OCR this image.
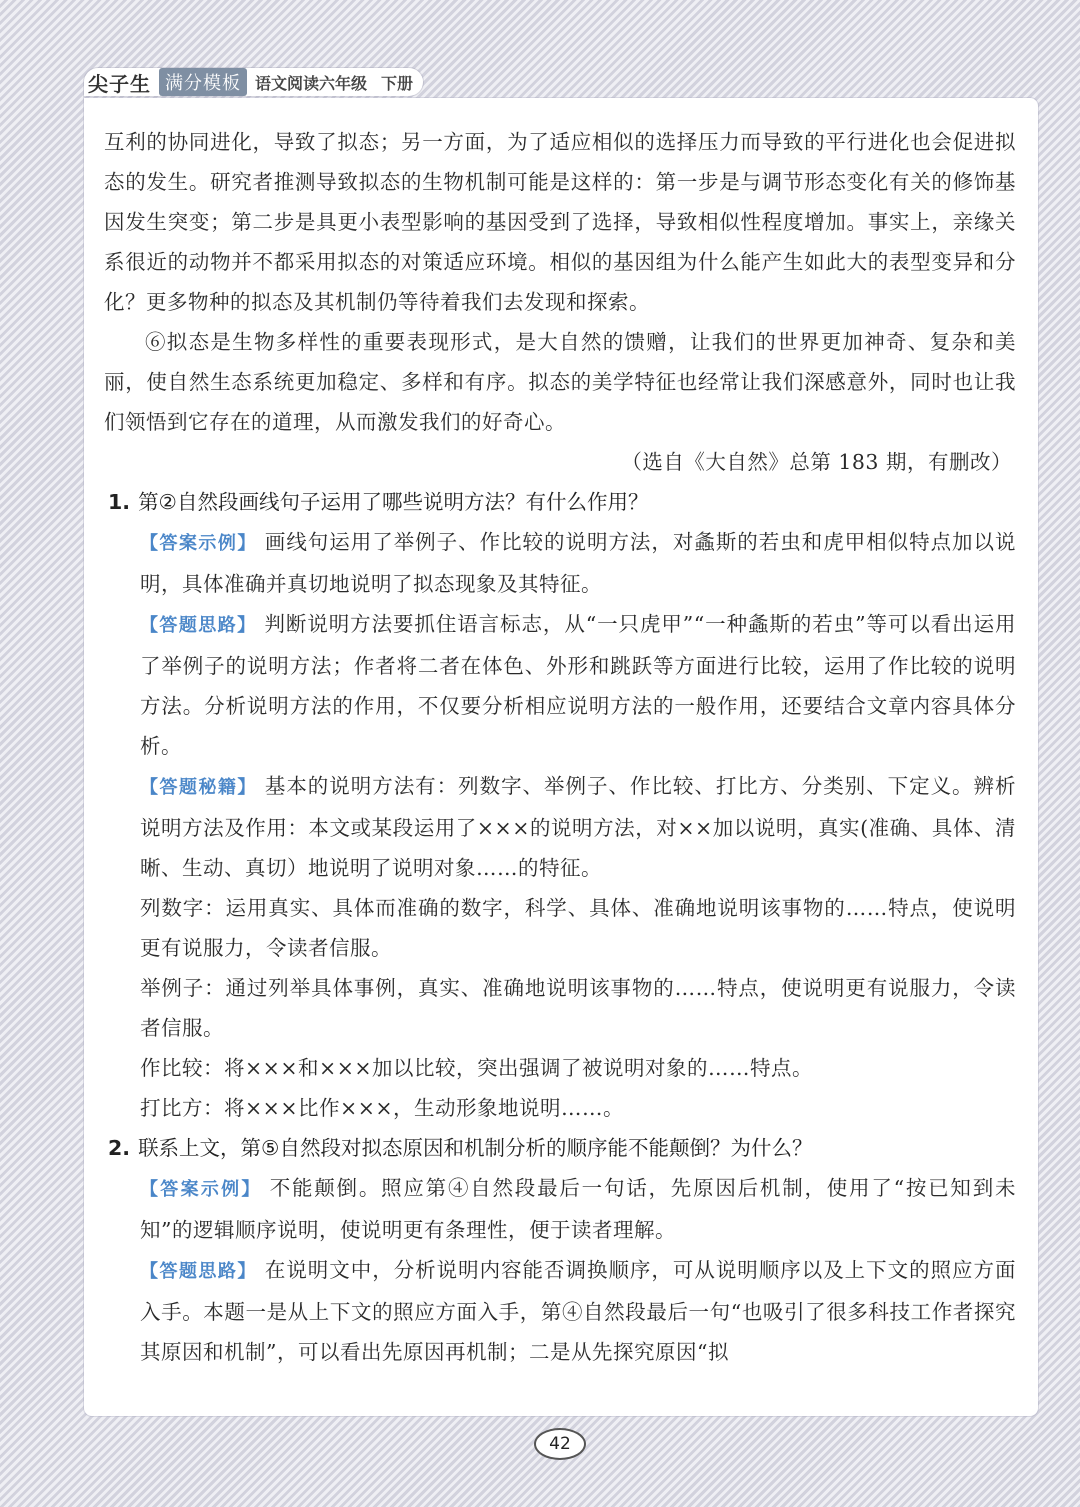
尖子生 满分模板 语文阅读六年级 下册

互利的协同进化，导致了拟态；另一方面，为了适应相似的选择压力而导致的平行进化也会促进拟态的发生。研究者推测导致拟态的生物机制可能是这样的：第一步是与调节形态变化有关的修饰基因发生突变；第二步是具更小表型影响的基因受到了选择，导致相似性程度增加。事实上，亲缘关系很近的动物并不都采用拟态的对策适应环境。相似的基因组为什么能产生如此大的表型变异和分化？更多物种的拟态及其机制仍等待着我们去发现和探索。

⑥拟态是生物多样性的重要表现形式，是大自然的馈赠，让我们的世界更加神奇、复杂和美丽，使自然生态系统更加稳定、多样和有序。拟态的美学特征也经常让我们深感意外，同时也让我们领悟到它存在的道理，从而激发我们的好奇心。

（选自《大自然》总第 183 期，有删改）

1. 第②自然段画线句子运用了哪些说明方法？有什么作用？

【答案示例】 画线句运用了举例子、作比较的说明方法，对螽斯的若虫和虎甲相似特点加以说明，具体准确并真切地说明了拟态现象及其特征。

【答题思路】 判断说明方法要抓住语言标志，从“一只虎甲”“一种螽斯的若虫”等可以看出运用了举例子的说明方法；作者将二者在体色、外形和跳跃等方面进行比较，运用了作比较的说明方法。分析说明方法的作用，不仅要分析相应说明方法的一般作用，还要结合文章内容具体分析。

【答题秘籍】 基本的说明方法有：列数字、举例子、作比较、打比方、分类别、下定义。辨析说明方法及作用：本文或某段运用了×××的说明方法，对××加以说明，真实(准确、具体、清晰、生动、真切）地说明了说明对象……的特征。

列数字：运用真实、具体而准确的数字，科学、具体、准确地说明该事物的……特点，使说明更有说服力，令读者信服。

举例子：通过列举具体事例，真实、准确地说明该事物的……特点，使说明更有说服力，令读者信服。

作比较：将×××和×××加以比较，突出强调了被说明对象的……特点。

打比方：将×××比作×××，生动形象地说明……。

2. 联系上文，第⑤自然段对拟态原因和机制分析的顺序能不能颠倒？为什么？

【答案示例】 不能颠倒。照应第④自然段最后一句话，先原因后机制，使用了“按已知到未知”的逻辑顺序说明，使说明更有条理性，便于读者理解。

【答题思路】 在说明文中，分析说明内容能否调换顺序，可从说明顺序以及上下文的照应方面入手。本题一是从上下文的照应方面入手，第④自然段最后一句“也吸引了很多科技工作者探究其原因和机制”，可以看出先原因再机制；二是从先探究原因“拟

42
